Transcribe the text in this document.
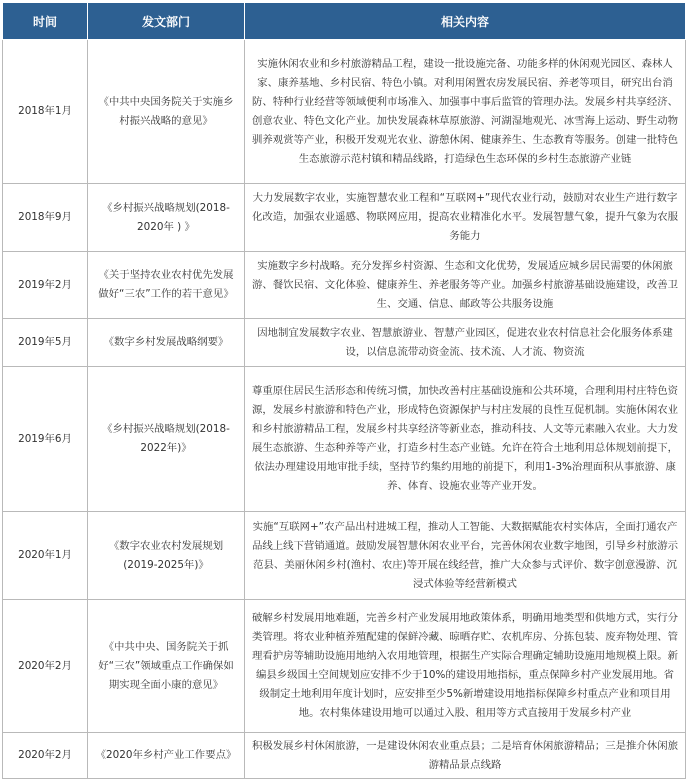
时间	发文部门	相关内容
2018年1月	《中共中央国务院关于实施乡村振兴战略的意见》	实施休闲农业和乡村旅游精品工程，建设一批设施完备、功能多样的休闲观光园区、森林人家、康养基地、乡村民宿、特色小镇。对利用闲置农房发展民宿、养老等项目，研究出台消防、特种行业经营等领域便利市场准入、加强事中事后监管的管理办法。发展乡村共享经济、创意农业、特色文化产业。加快发展森林草原旅游、河湖湿地观光、冰雪海上运动、野生动物驯养观赏等产业，积极开发观光农业、游憩休闲、健康养生、生态教育等服务。创建一批特色生态旅游示范村镇和精品线路，打造绿色生态环保的乡村生态旅游产业链
2018年9月	《乡村振兴战略规划(2018-2020年 ) 》	大力发展数字农业，实施智慧农业工程和“互联网+”现代农业行动，鼓励对农业生产进行数字化改造，加强农业遥感、物联网应用，提高农业精准化水平。发展智慧气象，提升气象为农服务能力
2019年2月	《关于坚持农业农村优先发展做好“三农”工作的若干意见》	实施数字乡村战略。充分发挥乡村资源、生态和文化优势，发展适应城乡居民需要的休闲旅游、餐饮民宿、文化体验、健康养生、养老服务等产业。加强乡村旅游基础设施建设，改善卫生、交通、信息、邮政等公共服务设施
2019年5月	《数字乡村发展战略纲要》	因地制宜发展数字农业、智慧旅游业、智慧产业园区，促进农业农村信息社会化服务体系建设，以信息流带动资金流、技术流、人才流、物资流
2019年6月	《乡村振兴战略规划(2018-2022年)》	尊重原住居民生活形态和传统习惯，加快改善村庄基础设施和公共环境，合理利用村庄特色资源，发展乡村旅游和特色产业，形成特色资源保护与村庄发展的良性互促机制。实施休闲农业和乡村旅游精品工程，发展乡村共享经济等新业态，推动科技、人文等元素融入农业。大力发展生态旅游、生态种养等产业，打造乡村生态产业链。允许在符合土地利用总体规划前提下，依法办理建设用地审批手续，坚持节约集约用地的前提下，利用1-3%治理面积从事旅游、康养、体育、设施农业等产业开发。
2020年1月	《数字农业农村发展规划(2019-2025年)》	实施“互联网+”农产品出村进城工程，推动人工智能、大数据赋能农村实体店，全面打通农产品线上线下营销通道。鼓励发展智慧休闲农业平台，完善休闲农业数字地图，引导乡村旅游示范县、美丽休闲乡村(渔村、农庄)等开展在线经营，推广大众参与式评价、数字创意漫游、沉浸式体验等经营新模式
2020年2月	《中共中央、国务院关于抓好“三农”领域重点工作确保如期实现全面小康的意见》	破解乡村发展用地难题，完善乡村产业发展用地政策体系，明确用地类型和供地方式，实行分类管理。将农业种植养殖配建的保鲜冷藏、晾晒存贮、农机库房、分拣包装、废弃物处理、管理看护房等辅助设施用地纳入农用地管理，根据生产实际合理确定辅助设施用地规模上限。新编县乡级国土空间规划应安排不少于10%的建设用地指标，重点保障乡村产业发展用地。省级制定土地利用年度计划时，应安排至少5%新增建设用地指标保障乡村重点产业和项目用地。农村集体建设用地可以通过入股、租用等方式直接用于发展乡村产业
2020年2月	《2020年乡村产业工作要点》	积极发展乡村休闲旅游，一是建设休闲农业重点县；二是培育休闲旅游精品；三是推介休闲旅游精品景点线路
